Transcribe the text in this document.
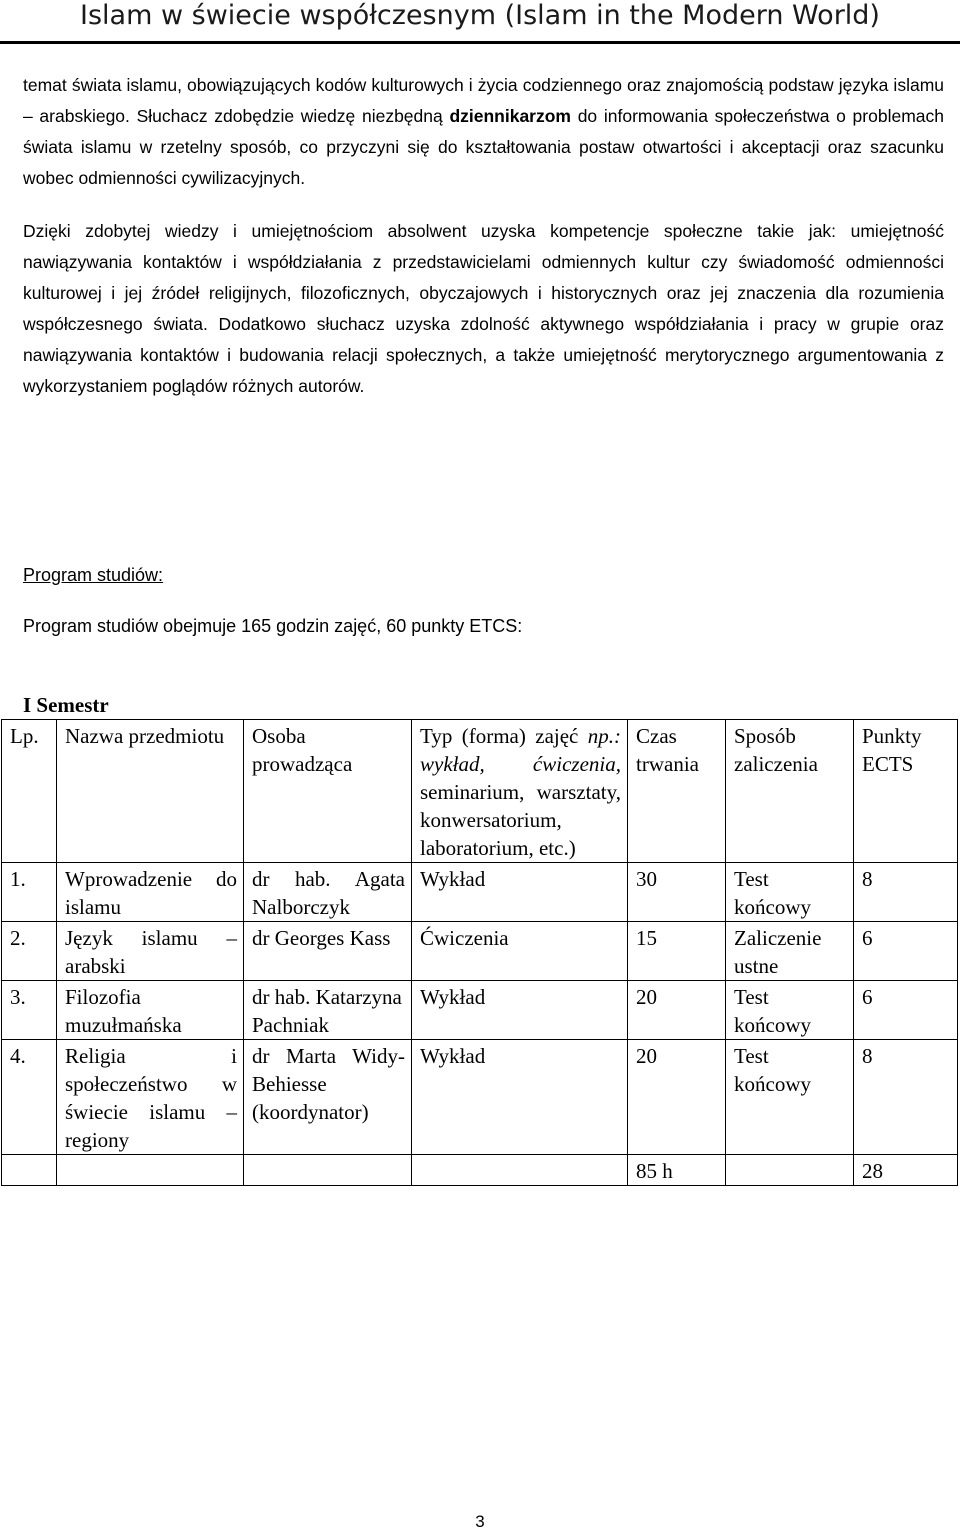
Islam w świecie współczesnym (Islam in the Modern World)

temat świata islamu, obowiązujących kodów kulturowych i życia codziennego oraz znajomością podstaw języka islamu – arabskiego. Słuchacz zdobędzie wiedzę niezbędną dziennikarzom do informowania społeczeństwa o problemach świata islamu w rzetelny sposób, co przyczyni się do kształtowania postaw otwartości i akceptacji oraz szacunku wobec odmienności cywilizacyjnych.

Dzięki zdobytej wiedzy i umiejętnościom absolwent uzyska kompetencje społeczne takie jak: umiejętność nawiązywania kontaktów i współdziałania z przedstawicielami odmiennych kultur czy świadomość odmienności kulturowej i jej źródeł religijnych, filozoficznych, obyczajowych i historycznych oraz jej znaczenia dla rozumienia współczesnego świata. Dodatkowo słuchacz uzyska zdolność aktywnego współdziałania i pracy w grupie oraz nawiązywania kontaktów i budowania relacji społecznych, a także umiejętność merytorycznego argumentowania z wykorzystaniem poglądów różnych autorów.

Program studiów:

Program studiów obejmuje 165 godzin zajęć, 60 punkty ETCS:

I Semestr

Lp.	Nazwa przedmiotu	Osoba prowadząca	Typ (forma) zajęć np.: wykład, ćwiczenia, seminarium, warsztaty, konwersatorium, laboratorium, etc.)	Czas trwania	Sposób zaliczenia	Punkty ECTS
1.	Wprowadzenie do islamu	dr hab. Agata Nalborczyk	Wykład	30	Test końcowy	8
2.	Język islamu – arabski	dr Georges Kass	Ćwiczenia	15	Zaliczenie ustne	6
3.	Filozofia muzułmańska	dr hab. Katarzyna Pachniak	Wykład	20	Test końcowy	6
4.	Religia i społeczeństwo w świecie islamu – regiony	dr Marta Widy-Behiesse (koordynator)	Wykład	20	Test końcowy	8
				85 h		28
3
